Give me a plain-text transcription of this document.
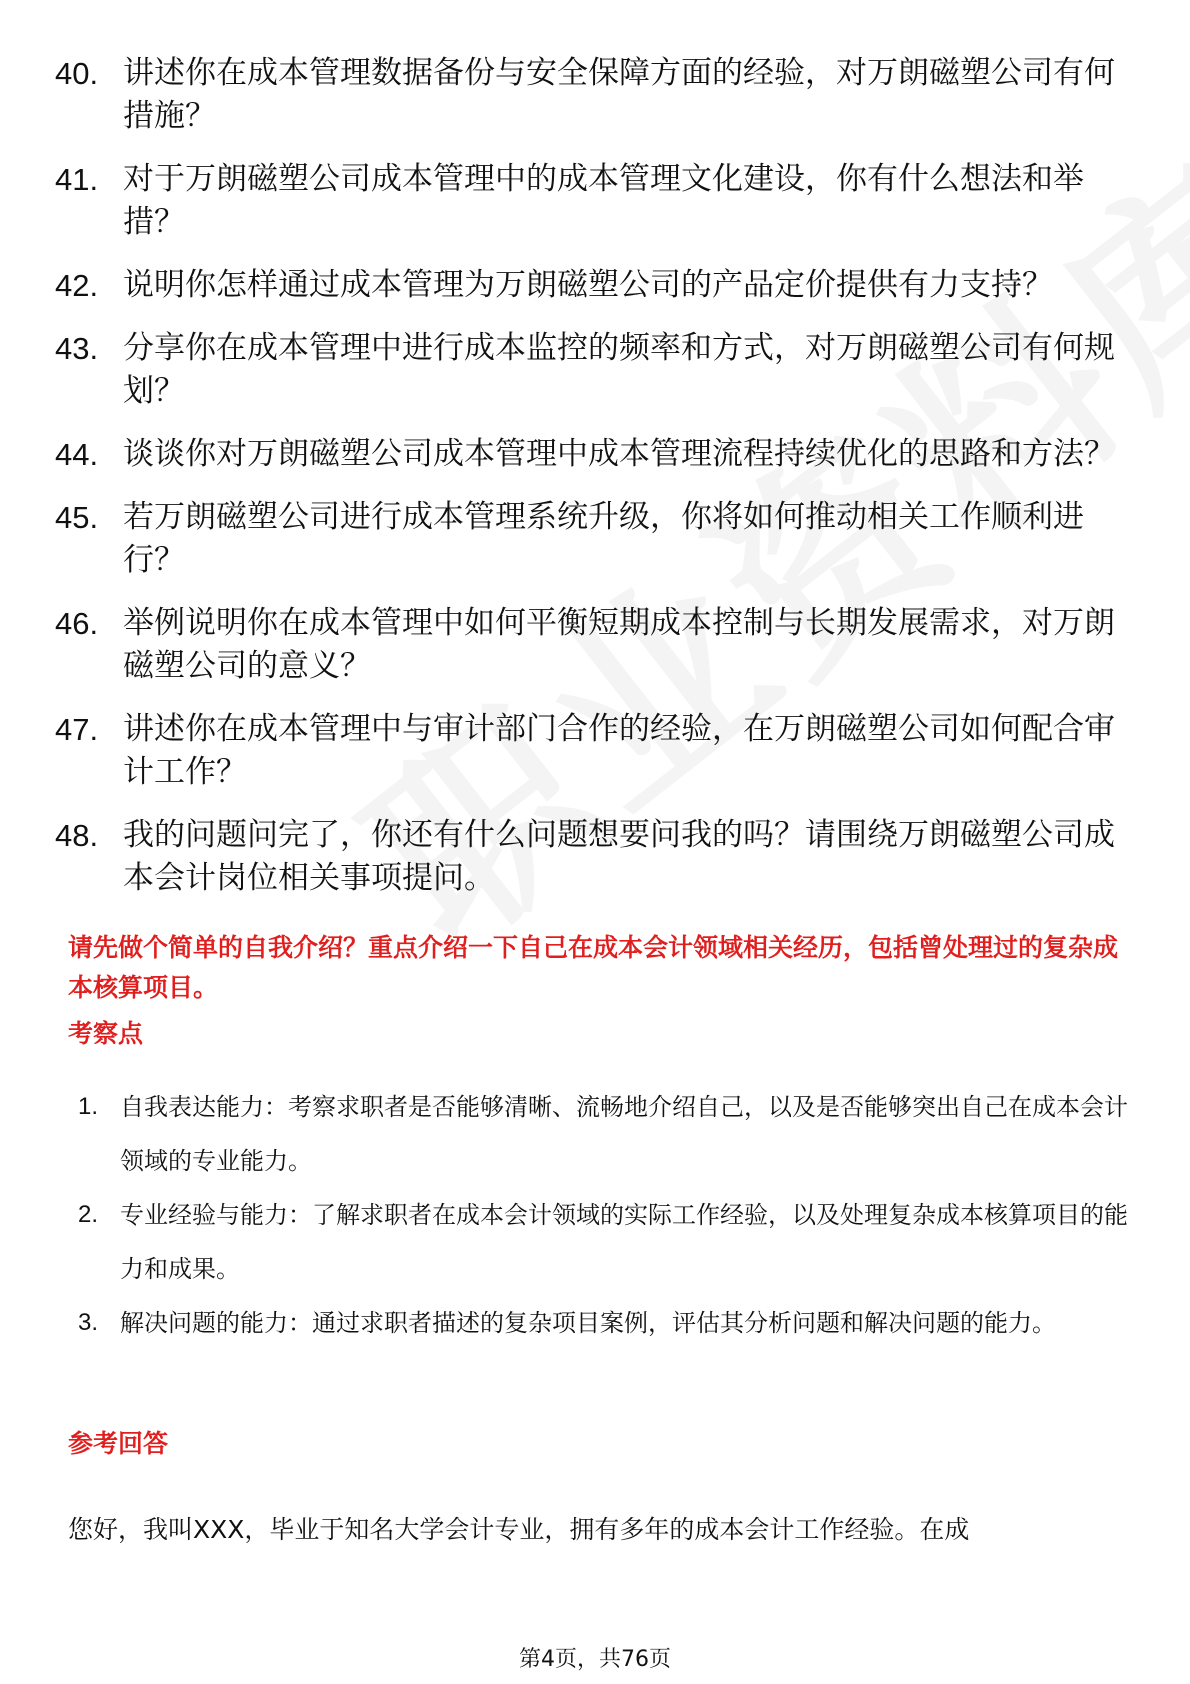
40. 讲述你在成本管理数据备份与安全保障方面的经验，对万朗磁塑公司有何措施？
41. 对于万朗磁塑公司成本管理中的成本管理文化建设，你有什么想法和举措？
42. 说明你怎样通过成本管理为万朗磁塑公司的产品定价提供有力支持？
43. 分享你在成本管理中进行成本监控的频率和方式，对万朗磁塑公司有何规划？
44. 谈谈你对万朗磁塑公司成本管理中成本管理流程持续优化的思路和方法？
45. 若万朗磁塑公司进行成本管理系统升级，你将如何推动相关工作顺利进行？
46. 举例说明你在成本管理中如何平衡短期成本控制与长期发展需求，对万朗磁塑公司的意义？
47. 讲述你在成本管理中与审计部门合作的经验，在万朗磁塑公司如何配合审计工作？
48. 我的问题问完了，你还有什么问题想要问我的吗？请围绕万朗磁塑公司成本会计岗位相关事项提问。

请先做个简单的自我介绍？重点介绍一下自己在成本会计领域相关经历，包括曾处理过的复杂成本核算项目。

考察点
1. 自我表达能力：考察求职者是否能够清晰、流畅地介绍自己，以及是否能够突出自己在成本会计领域的专业能力。
2. 专业经验与能力：了解求职者在成本会计领域的实际工作经验，以及处理复杂成本核算项目的能力和成果。
3. 解决问题的能力：通过求职者描述的复杂项目案例，评估其分析问题和解决问题的能力。
参考回答

您好，我叫XXX，毕业于知名大学会计专业，拥有多年的成本会计工作经验。在成

第4页，共76页
